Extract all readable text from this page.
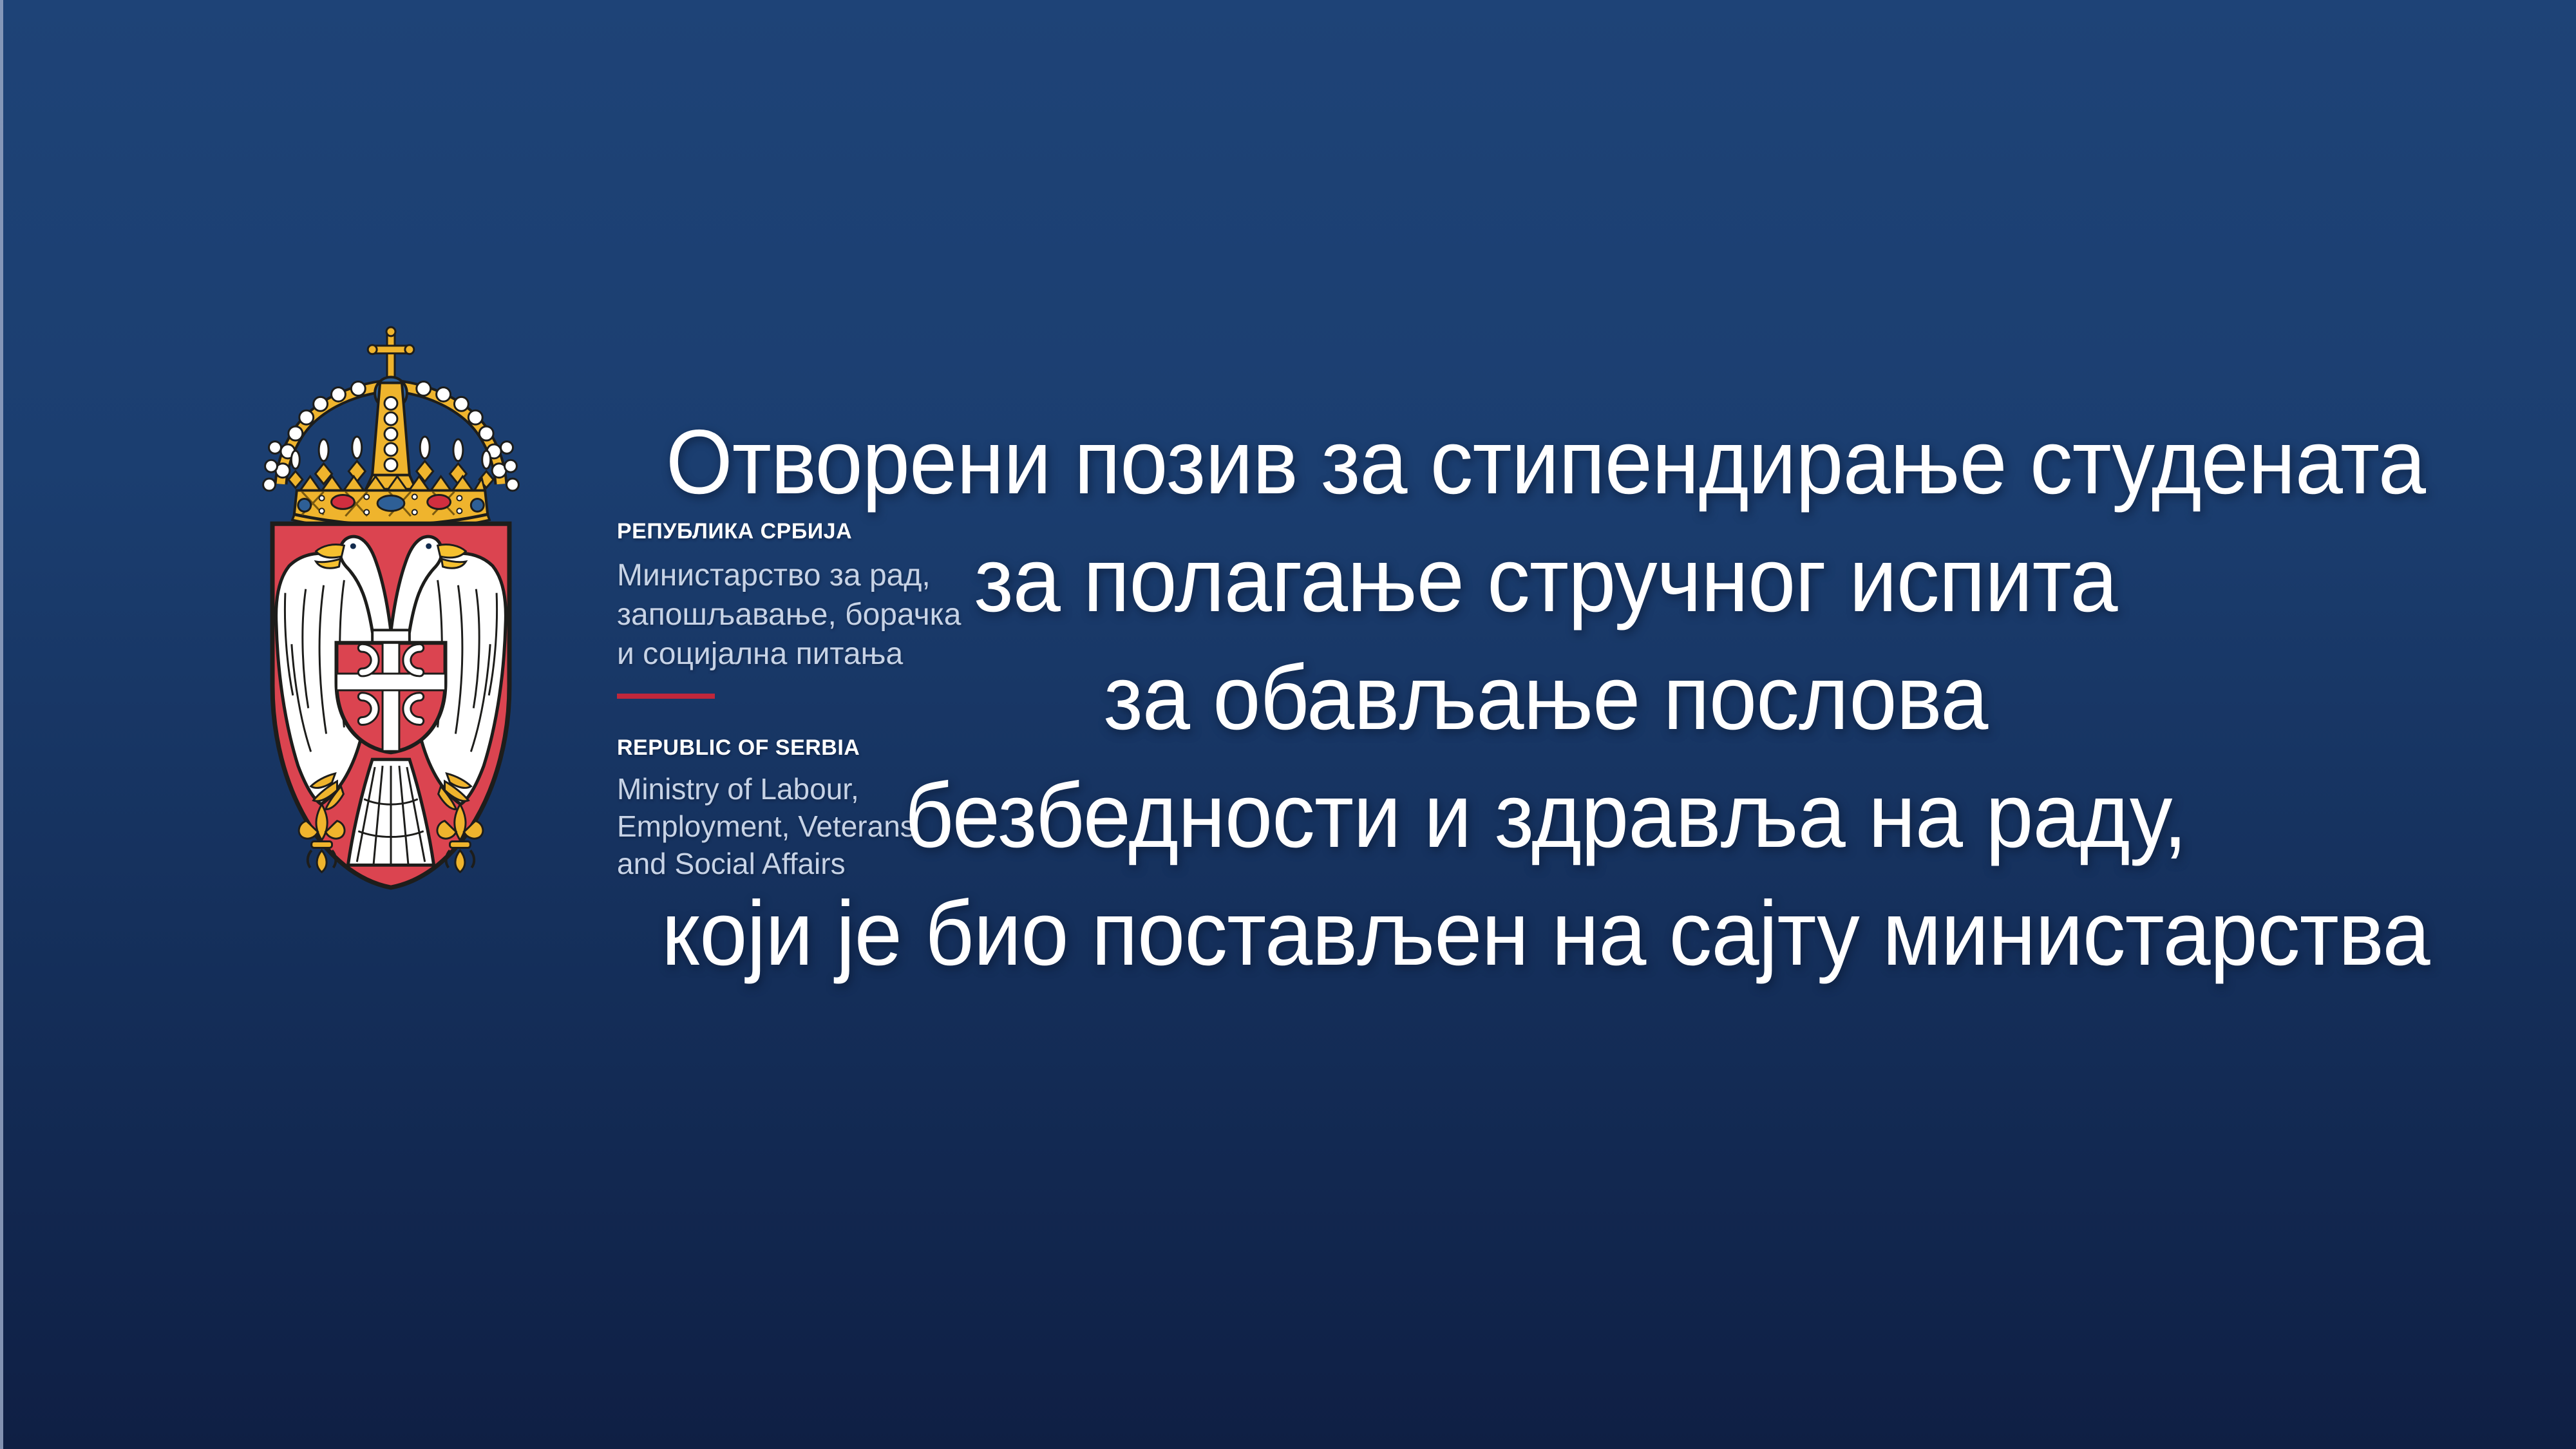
РЕПУБЛИКА СРБИЈА
Министарство за рад,
запошљавање, борачка
и социјална питања
REPUBLIC OF SERBIA
Ministry of Labour,
Employment, Veterans
and Social Affairs
Отворени позив за стипендирање студената
за полагање стручног испита
за обављање послова
безбедности и здравља на раду,
који је био постављен на сајту министарства
